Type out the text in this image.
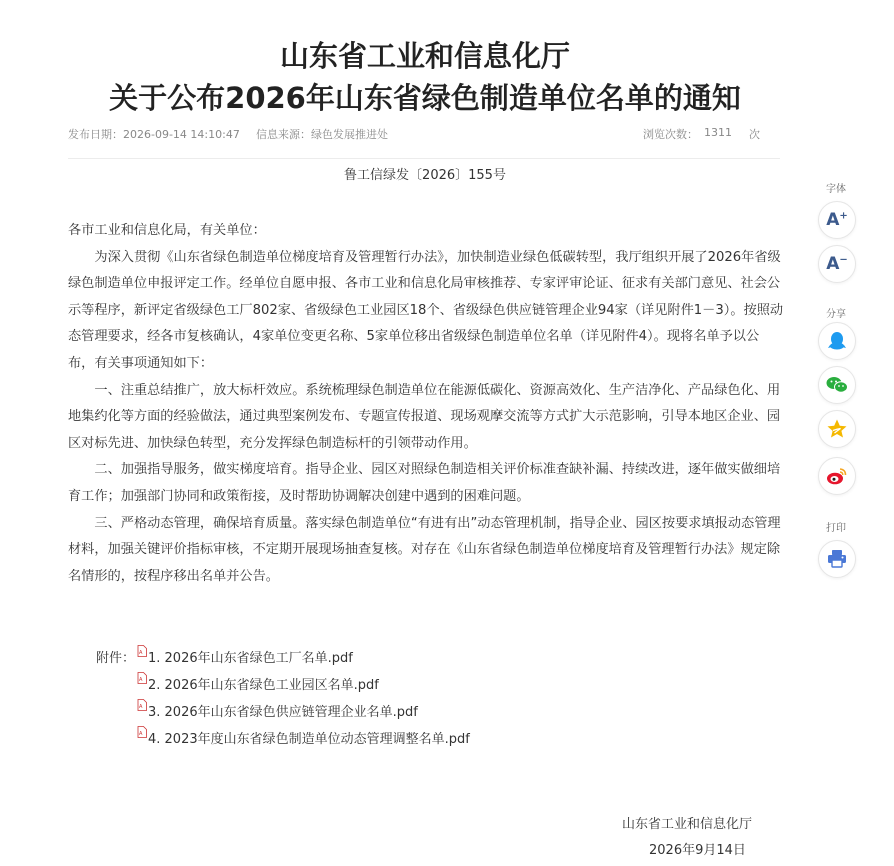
山东省工业和信息化厅
关于公布2026年山东省绿色制造单位名单的通知
发布日期：2026-09-14 14:10:47 信息来源：绿色发展推进处	浏览次数： 1311 次
鲁工信绿发〔2026〕155号

各市工业和信息化局，有关单位：

为深入贯彻《山东省绿色制造单位梯度培育及管理暂行办法》，加快制造业绿色低碳转型，我厅组织开展了2026年省级绿色制造单位申报评定工作。经单位自愿申报、各市工业和信息化局审核推荐、专家评审论证、征求有关部门意见、社会公示等程序，新评定省级绿色工厂802家、省级绿色工业园区18个、省级绿色供应链管理企业94家（详见附件1－3）。按照动态管理要求，经各市复核确认，4家单位变更名称、5家单位移出省级绿色制造单位名单（详见附件4）。现将名单予以公布，有关事项通知如下：

一、注重总结推广，放大标杆效应。系统梳理绿色制造单位在能源低碳化、资源高效化、生产洁净化、产品绿色化、用地集约化等方面的经验做法，通过典型案例发布、专题宣传报道、现场观摩交流等方式扩大示范影响，引导本地区企业、园区对标先进、加快绿色转型，充分发挥绿色制造标杆的引领带动作用。

二、加强指导服务，做实梯度培育。指导企业、园区对照绿色制造相关评价标准查缺补漏、持续改进，逐年做实做细培育工作；加强部门协同和政策衔接，及时帮助协调解决创建中遇到的困难问题。

三、严格动态管理，确保培育质量。落实绿色制造单位“有进有出”动态管理机制，指导企业、园区按要求填报动态管理材料，加强关键评价指标审核，不定期开展现场抽查复核。对存在《山东省绿色制造单位梯度培育及管理暂行办法》规定除名情形的，按程序移出名单并公告。

附件： A 1. 2026年山东省绿色工厂名单.pdf
A 2. 2026年山东省绿色工业园区名单.pdf
A 3. 2026年山东省绿色供应链管理企业名单.pdf
A 4. 2023年度山东省绿色制造单位动态管理调整名单.pdf
山东省工业和信息化厅
2026年9月14日
字体
A+
A−
分享
打印
